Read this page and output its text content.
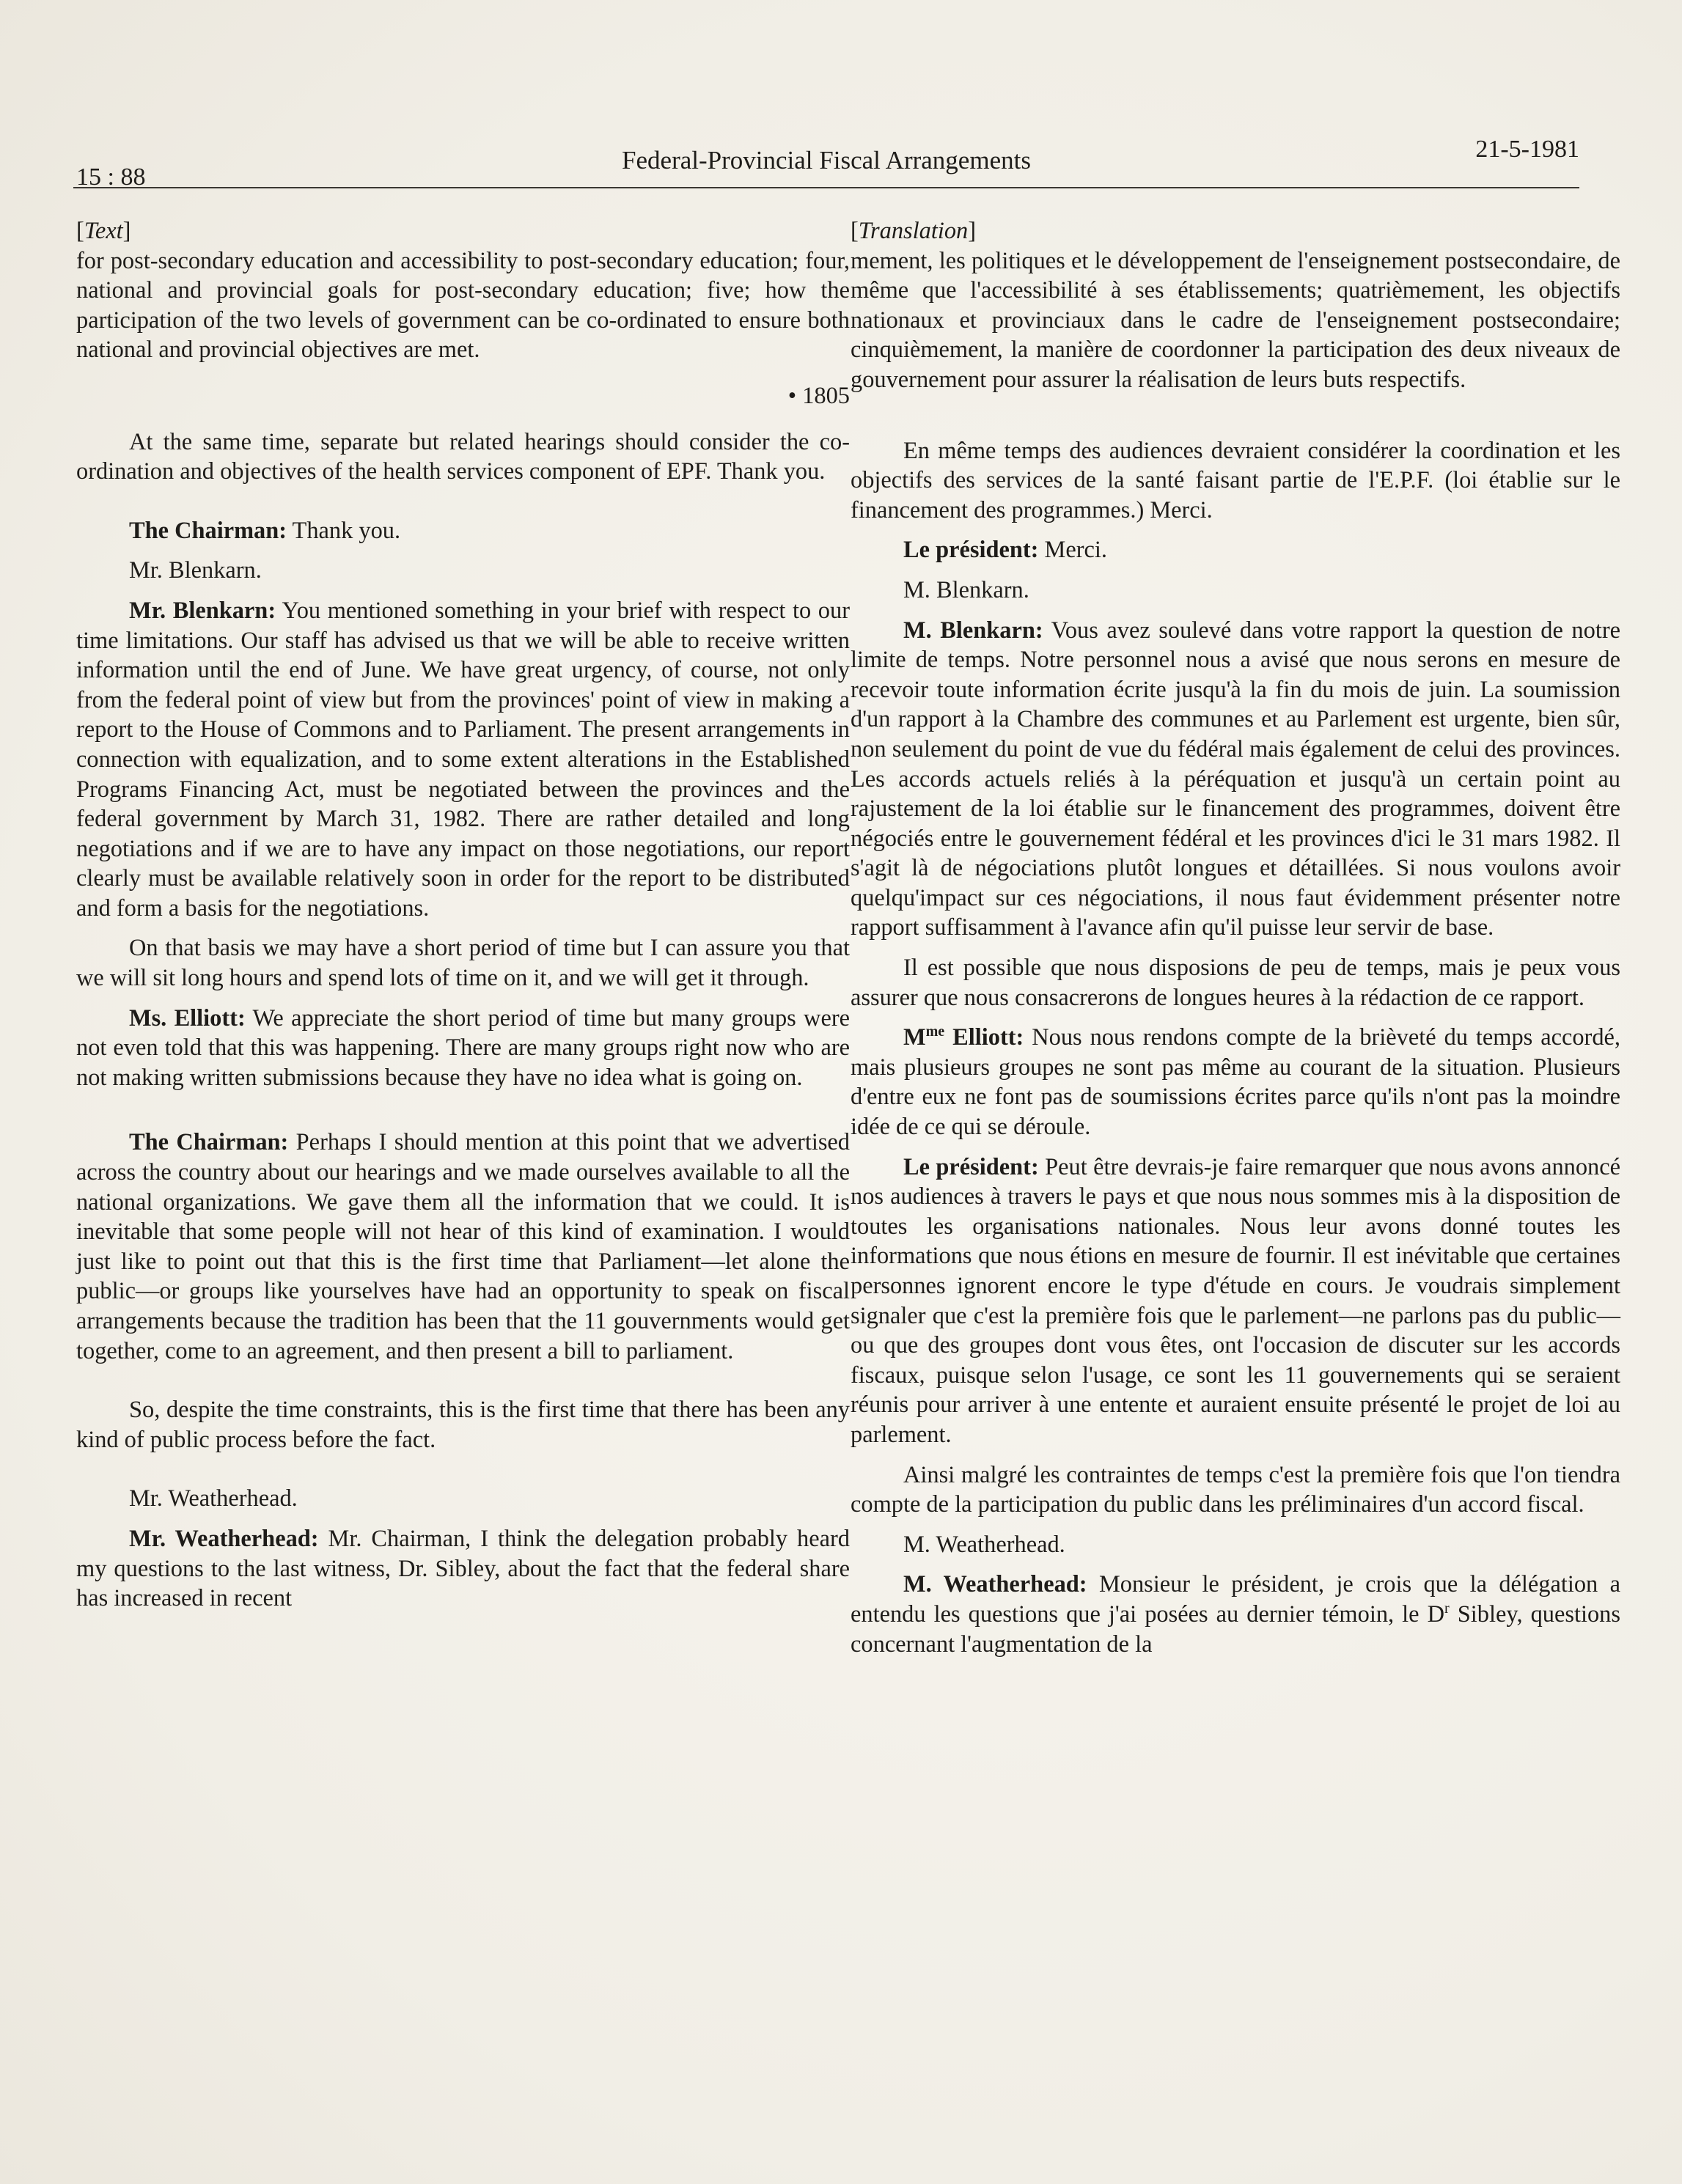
15 : 88
Federal-Provincial Fiscal Arrangements	21-5-1981

[ Text ]

for post-secondary education and accessibility to post-secondary education; four, national and provincial goals for post-secondary education; five; how the participation of the two levels of government can be co-ordinated to ensure both national and provincial objectives are met.

• 1805

At the same time, separate but related hearings should consider the co-ordination and objectives of the health services component of EPF. Thank you.

The Chairman: Thank you.

Mr. Blenkarn.

Mr. Blenkarn: You mentioned something in your brief with respect to our time limitations. Our staff has advised us that we will be able to receive written information until the end of June. We have great urgency, of course, not only from the federal point of view but from the provinces' point of view in making a report to the House of Commons and to Parliament. The present arrangements in connection with equalization, and to some extent alterations in the Established Programs Financing Act, must be negotiated between the provinces and the federal government by March 31, 1982. There are rather detailed and long negotiations and if we are to have any impact on those negotiations, our report clearly must be available relatively soon in order for the report to be distributed and form a basis for the negotiations.

On that basis we may have a short period of time but I can assure you that we will sit long hours and spend lots of time on it, and we will get it through.

Ms. Elliott: We appreciate the short period of time but many groups were not even told that this was happening. There are many groups right now who are not making written submissions because they have no idea what is going on.

The Chairman: Perhaps I should mention at this point that we advertised across the country about our hearings and we made ourselves available to all the national organizations. We gave them all the information that we could. It is inevitable that some people will not hear of this kind of examination. I would just like to point out that this is the first time that Parliament—let alone the public—or groups like yourselves have had an opportunity to speak on fiscal arrangements because the tradition has been that the 11 gouvernments would get together, come to an agreement, and then present a bill to parliament.

So, despite the time constraints, this is the first time that there has been any kind of public process before the fact.

Mr. Weatherhead.

Mr. Weatherhead: Mr. Chairman, I think the delegation probably heard my questions to the last witness, Dr. Sibley, about the fact that the federal share has increased in recent

[ Translation ]

mement, les politiques et le développement de l'enseignement postsecondaire, de même que l'accessibilité à ses établissements; quatrièmement, les objectifs nationaux et provinciaux dans le cadre de l'enseignement postsecondaire; cinquièmement, la manière de coordonner la participation des deux niveaux de gouvernement pour assurer la réalisation de leurs buts respectifs.

En même temps des audiences devraient considérer la coordination et les objectifs des services de la santé faisant partie de l'E.P.F. (loi établie sur le financement des programmes.) Merci.

Le président: Merci.

M. Blenkarn.

M. Blenkarn: Vous avez soulevé dans votre rapport la question de notre limite de temps. Notre personnel nous a avisé que nous serons en mesure de recevoir toute information écrite jusqu'à la fin du mois de juin. La soumission d'un rapport à la Chambre des communes et au Parlement est urgente, bien sûr, non seulement du point de vue du fédéral mais également de celui des provinces. Les accords actuels reliés à la péréquation et jusqu'à un certain point au rajustement de la loi établie sur le financement des programmes, doivent être négociés entre le gouvernement fédéral et les provinces d'ici le 31 mars 1982. Il s'agit là de négociations plutôt longues et détaillées. Si nous voulons avoir quelqu'impact sur ces négociations, il nous faut évidemment présenter notre rapport suffisamment à l'avance afin qu'il puisse leur servir de base.

Il est possible que nous disposions de peu de temps, mais je peux vous assurer que nous consacrerons de longues heures à la rédaction de ce rapport.

$M^{me}$ Elliott: Nous nous rendons compte de la brièveté du temps accordé, mais plusieurs groupes ne sont pas même au courant de la situation. Plusieurs d'entre eux ne font pas de soumissions écrites parce qu'ils n'ont pas la moindre idée de ce qui se déroule.

Le président: Peut être devrais-je faire remarquer que nous avons annoncé nos audiences à travers le pays et que nous nous sommes mis à la disposition de toutes les organisations nationales. Nous leur avons donné toutes les informations que nous étions en mesure de fournir. Il est inévitable que certaines personnes ignorent encore le type d'étude en cours. Je voudrais simplement signaler que c'est la première fois que le parlement—ne parlons pas du public—ou que des groupes dont vous êtes, ont l'occasion de discuter sur les accords fiscaux, puisque selon l'usage, ce sont les 11 gouvernements qui se seraient réunis pour arriver à une entente et auraient ensuite présenté le projet de loi au parlement.

Ainsi malgré les contraintes de temps c'est la première fois que l'on tiendra compte de la participation du public dans les préliminaires d'un accord fiscal.

M. Weatherhead.

M. Weatherhead: Monsieur le président, je crois que la délégation a entendu les questions que j'ai posées au dernier témoin, le $D^r$ Sibley, questions concernant l'augmentation de la
